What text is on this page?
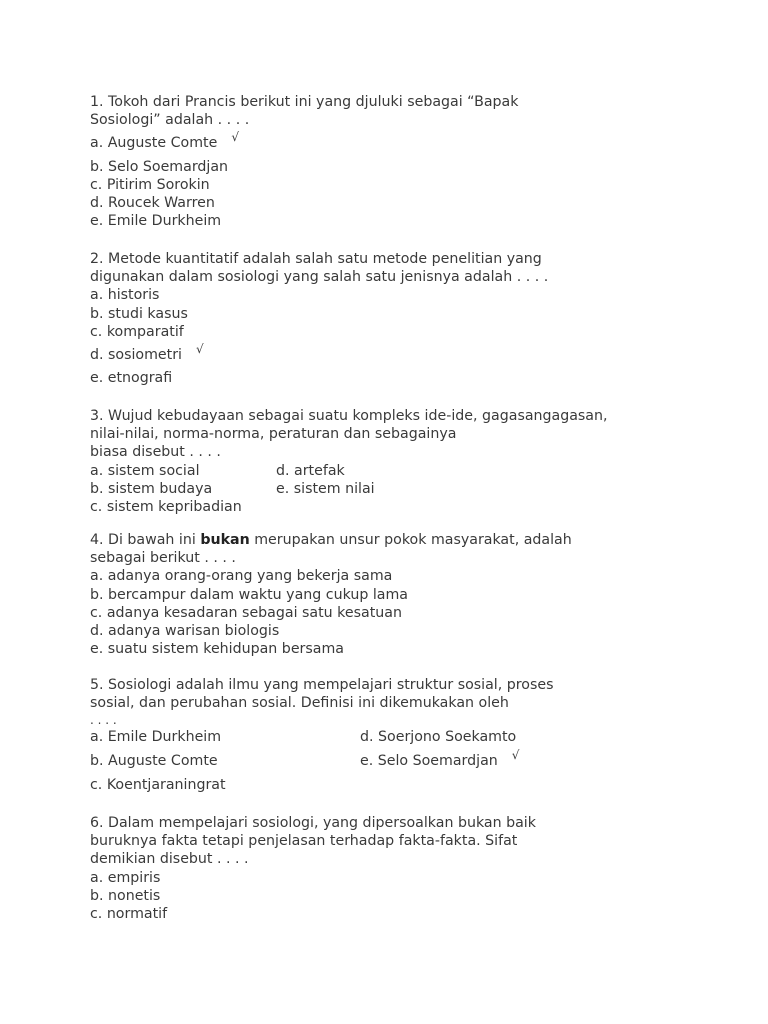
1. Tokoh dari Prancis berikut ini yang djuluki sebagai “Bapak
Sosiologi” adalah . . . .
a. Auguste Comte √
b. Selo Soemardjan
c. Pitirim Sorokin
d. Roucek Warren
e. Emile Durkheim
2. Metode kuantitatif adalah salah satu metode penelitian yang
digunakan dalam sosiologi yang salah satu jenisnya adalah . . . .
a. historis
b. studi kasus
c. komparatif
d. sosiometri √
e. etnografi
3. Wujud kebudayaan sebagai suatu kompleks ide-ide, gagasangagasan,
nilai-nilai, norma-norma, peraturan dan sebagainya
biasa disebut . . . .
a. sistem social	d. artefak
b. sistem budaya	e. sistem nilai
c. sistem kepribadian
4. Di bawah ini bukan merupakan unsur pokok masyarakat, adalah
sebagai berikut . . . .
a. adanya orang-orang yang bekerja sama
b. bercampur dalam waktu yang cukup lama
c. adanya kesadaran sebagai satu kesatuan
d. adanya warisan biologis
e. suatu sistem kehidupan bersama
5. Sosiologi adalah ilmu yang mempelajari struktur sosial, proses
sosial, dan perubahan sosial. Definisi ini dikemukakan oleh
. . . .
a. Emile Durkheim	d. Soerjono Soekamto
b. Auguste Comte	e. Selo Soemardjan √
c. Koentjaraningrat
6. Dalam mempelajari sosiologi, yang dipersoalkan bukan baik
buruknya fakta tetapi penjelasan terhadap fakta-fakta. Sifat
demikian disebut . . . .
a. empiris
b. nonetis
c. normatif
